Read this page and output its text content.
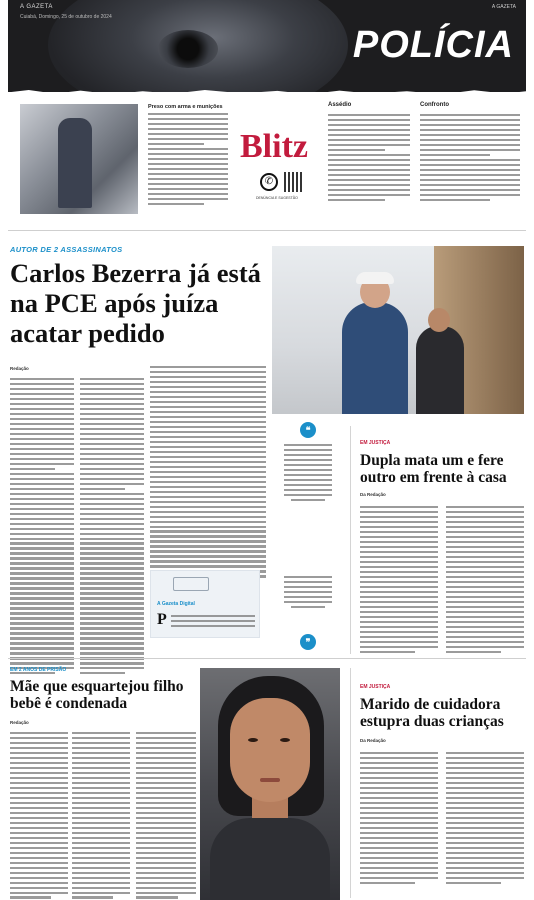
A GAZETA
Cuiabá, Domingo, 25 de outubro de 2024
A GAZETA
POLÍCIA
Preso com arma e munições
Blitz
✆
DENÚNCIA E SUGESTÃO
Assédio	Confronto
AUTOR DE 2 ASSASSINATOS
Carlos Bezerra já está na PCE após juíza acatar pedido
Redação
A Gazeta Digital
P
❝
❞
EM JUSTIÇA
Dupla mata um e fere outro em frente à casa
Da Redação
EM 2 ANOS DE PRISÃO
Mãe que esquartejou filho bebê é condenada
Redação
EM JUSTIÇA
Marido de cuidadora estupra duas crianças
Da Redação
